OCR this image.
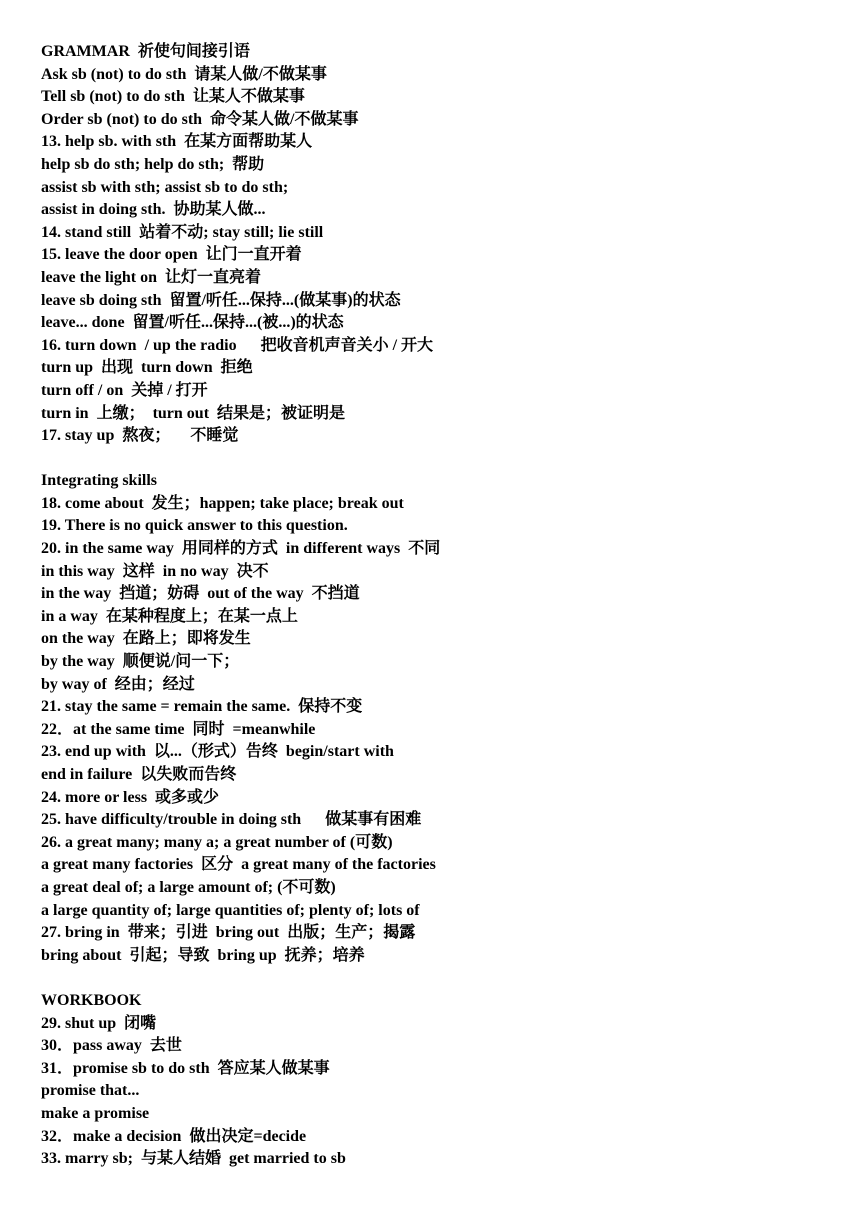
GRAMMAR  祈使句间接引语
Ask sb (not) to do sth  请某人做/不做某事
Tell sb (not) to do sth  让某人不做某事
Order sb (not) to do sth  命令某人做/不做某事
13. help sb. with sth  在某方面帮助某人
help sb do sth; help do sth;  帮助
assist sb with sth; assist sb to do sth;
assist in doing sth.  协助某人做...
14. stand still  站着不动; stay still; lie still
15. leave the door open  让门一直开着
leave the light on  让灯一直亮着
leave sb doing sth  留置/听任...保持...(做某事)的状态
leave... done  留置/听任...保持...(被...)的状态
16. turn down  / up the radio      把收音机声音关小 / 开大
turn up  出现  turn down  拒绝
turn off / on  关掉 / 打开
turn in  上缴；  turn out  结果是；被证明是
17. stay up  熬夜；     不睡觉
Integrating skills
18. come about  发生；happen; take place; break out
19. There is no quick answer to this question.
20. in the same way  用同样的方式  in different ways  不同
in this way  这样  in no way  决不
in the way  挡道；妨碍  out of the way  不挡道
in a way  在某种程度上；在某一点上
on the way  在路上；即将发生
by the way  顺便说/问一下；
by way of  经由；经过
21. stay the same = remain the same.  保持不变
22．at the same time  同时  =meanwhile
23. end up with  以...（形式）告终  begin/start with
end in failure  以失败而告终
24. more or less  或多或少
25. have difficulty/trouble in doing sth      做某事有困难
26. a great many; many a; a great number of (可数)
a great many factories  区分  a great many of the factories
a great deal of; a large amount of; (不可数)
a large quantity of; large quantities of; plenty of; lots of
27. bring in  带来；引进  bring out  出版；生产；揭露
bring about  引起；导致  bring up  抚养；培养
WORKBOOK
29. shut up  闭嘴
30．pass away  去世
31．promise sb to do sth  答应某人做某事
promise that...
make a promise
32．make a decision  做出决定=decide
33. marry sb;  与某人结婚  get married to sb
